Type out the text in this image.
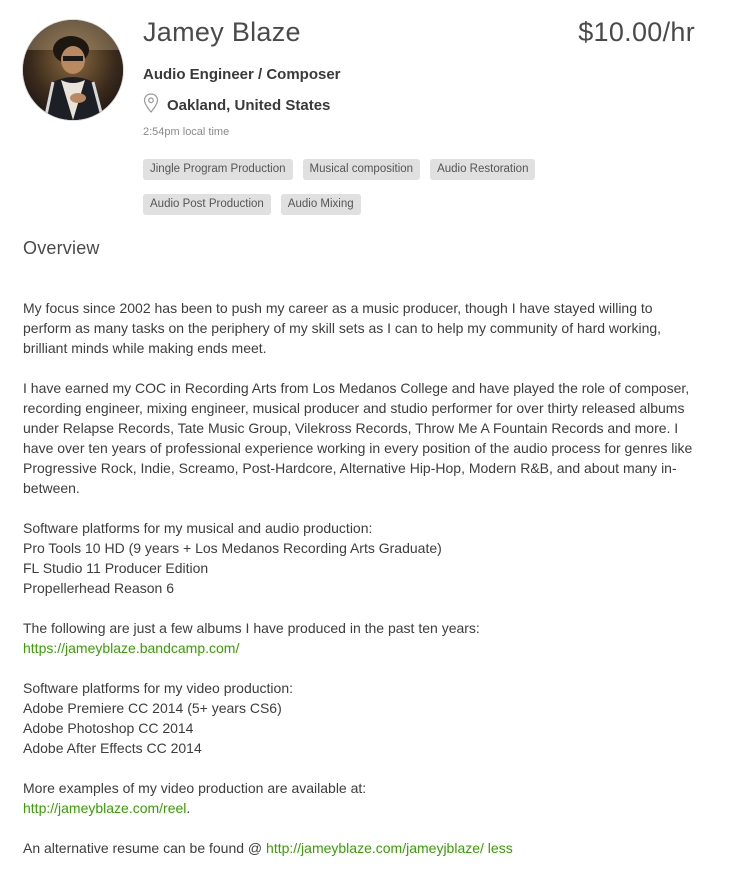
Jamey Blaze	$10.00/hr
Audio Engineer / Composer
Oakland, United States
2:54pm local time
Jingle Program Production	Musical composition	Audio Restoration
Audio Post Production	Audio Mixing
Overview

My focus since 2002 has been to push my career as a music producer, though I have stayed willing to perform as many tasks on the periphery of my skill sets as I can to help my community of hard working, brilliant minds while making ends meet.

I have earned my COC in Recording Arts from Los Medanos College and have played the role of composer, recording engineer, mixing engineer, musical producer and studio performer for over thirty released albums under Relapse Records, Tate Music Group, Vilekross Records, Throw Me A Fountain Records and more. I have over ten years of professional experience working in every position of the audio process for genres like Progressive Rock, Indie, Screamo, Post-Hardcore, Alternative Hip-Hop, Modern R&B, and about many in-between.

Software platforms for my musical and audio production:
Pro Tools 10 HD (9 years + Los Medanos Recording Arts Graduate)
FL Studio 11 Producer Edition
Propellerhead Reason 6

The following are just a few albums I have produced in the past ten years:
https://jameyblaze.bandcamp.com/

Software platforms for my video production:
Adobe Premiere CC 2014 (5+ years CS6)
Adobe Photoshop CC 2014
Adobe After Effects CC 2014

More examples of my video production are available at:
http://jameyblaze.com/reel.

An alternative resume can be found @ http://jameyblaze.com/jameyjblaze/ less
